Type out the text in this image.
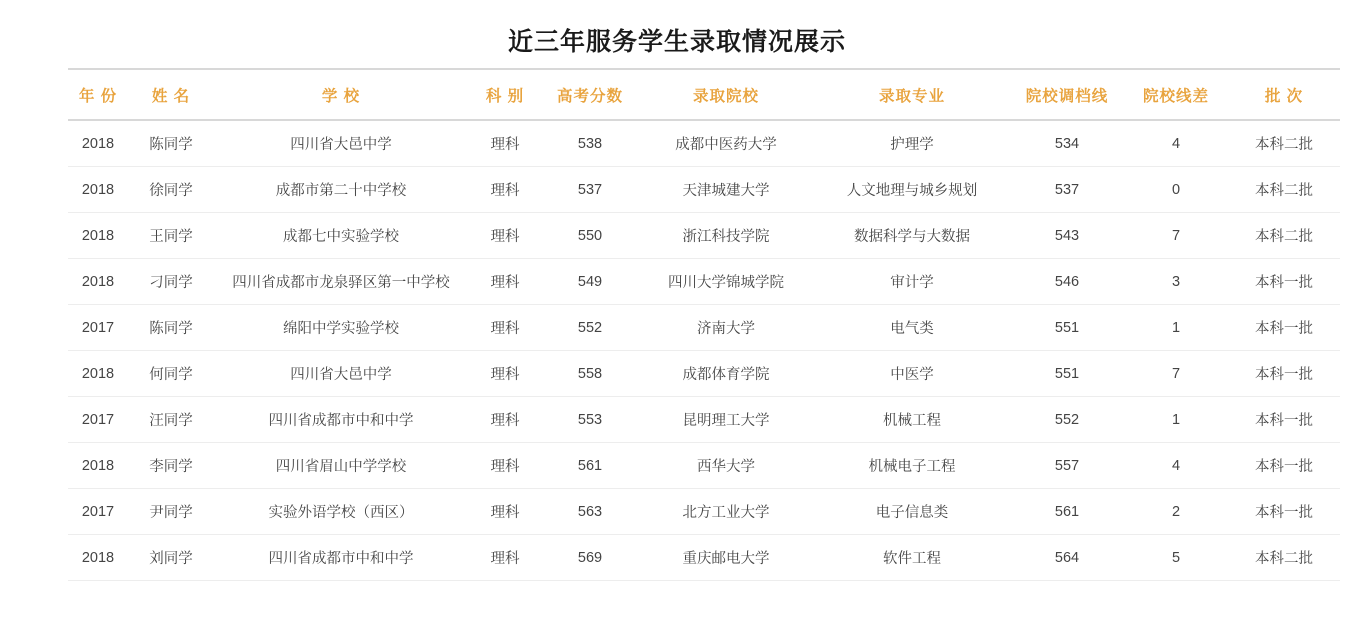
近三年服务学生录取情况展示
年 份	姓 名	学 校	科 别	高考分数	录取院校	录取专业	院校调档线	院校线差	批 次
2018	陈同学	四川省大邑中学	理科	538	成都中医药大学	护理学	534	4	本科二批
2018	徐同学	成都市第二十中学校	理科	537	天津城建大学	人文地理与城乡规划	537	0	本科二批
2018	王同学	成都七中实验学校	理科	550	浙江科技学院	数据科学与大数据	543	7	本科二批
2018	刁同学	四川省成都市龙泉驿区第一中学校	理科	549	四川大学锦城学院	审计学	546	3	本科一批
2017	陈同学	绵阳中学实验学校	理科	552	济南大学	电气类	551	1	本科一批
2018	何同学	四川省大邑中学	理科	558	成都体育学院	中医学	551	7	本科一批
2017	汪同学	四川省成都市中和中学	理科	553	昆明理工大学	机械工程	552	1	本科一批
2018	李同学	四川省眉山中学学校	理科	561	西华大学	机械电子工程	557	4	本科一批
2017	尹同学	实验外语学校（西区）	理科	563	北方工业大学	电子信息类	561	2	本科一批
2018	刘同学	四川省成都市中和中学	理科	569	重庆邮电大学	软件工程	564	5	本科二批
